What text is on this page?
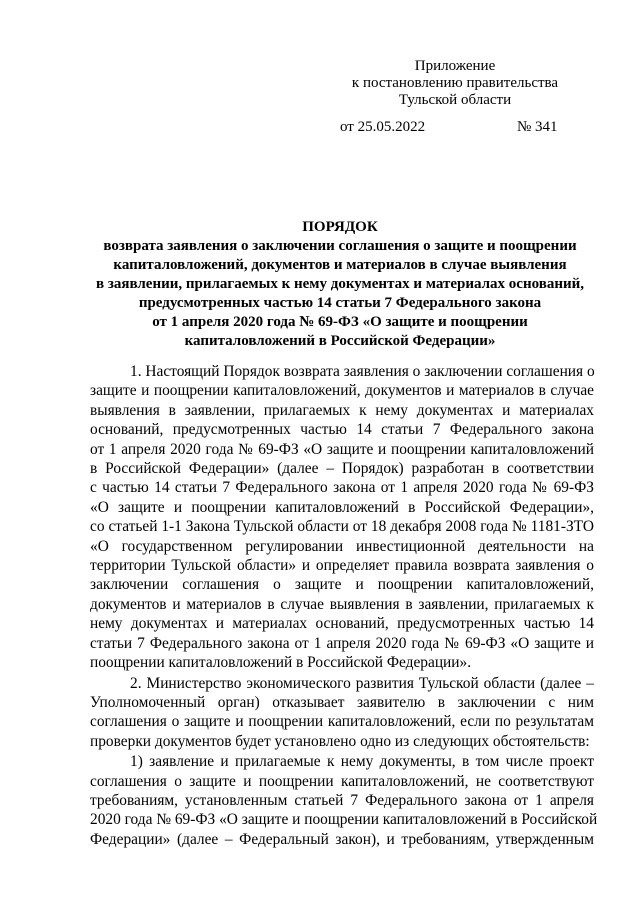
Приложение
к постановлению правительства
Тульской области
от 25.05.2022	№ 341
ПОРЯДОК
возврата заявления о заключении соглашения о защите и поощрении
капиталовложений, документов и материалов в случае выявления
в заявлении, прилагаемых к нему документах и материалах оснований,
предусмотренных частью 14 статьи 7 Федерального закона
от 1 апреля 2020 года № 69-ФЗ «О защите и поощрении
капиталовложений в Российской Федерации»
1. Настоящий Порядок возврата заявления о заключении соглашения о
защите и поощрении капиталовложений, документов и материалов в случае
выявления в заявлении, прилагаемых к нему документах и материалах
оснований, предусмотренных частью 14 статьи 7 Федерального закона
от 1 апреля 2020 года № 69-ФЗ «О защите и поощрении капиталовложений
в Российской Федерации» (далее – Порядок) разработан в соответствии
с частью 14 статьи 7 Федерального закона от 1 апреля 2020 года № 69-ФЗ
«О защите и поощрении капиталовложений в Российской Федерации»,
со статьей 1-1 Закона Тульской области от 18 декабря 2008 года № 1181-ЗТО
«О государственном регулировании инвестиционной деятельности на
территории Тульской области» и определяет правила возврата заявления о
заключении соглашения о защите и поощрении капиталовложений,
документов и материалов в случае выявления в заявлении, прилагаемых к
нему документах и материалах оснований, предусмотренных частью 14
статьи 7 Федерального закона от 1 апреля 2020 года № 69-ФЗ «О защите и
поощрении капиталовложений в Российской Федерации».
2. Министерство экономического развития Тульской области (далее –
Уполномоченный орган) отказывает заявителю в заключении с ним
соглашения о защите и поощрении капиталовложений, если по результатам
проверки документов будет установлено одно из следующих обстоятельств:
1) заявление и прилагаемые к нему документы, в том числе проект
соглашения о защите и поощрении капиталовложений, не соответствуют
требованиям, установленным статьей 7 Федерального закона от 1 апреля
2020 года № 69-ФЗ «О защите и поощрении капиталовложений в Российской
Федерации» (далее – Федеральный закон), и требованиям, утвержденным
